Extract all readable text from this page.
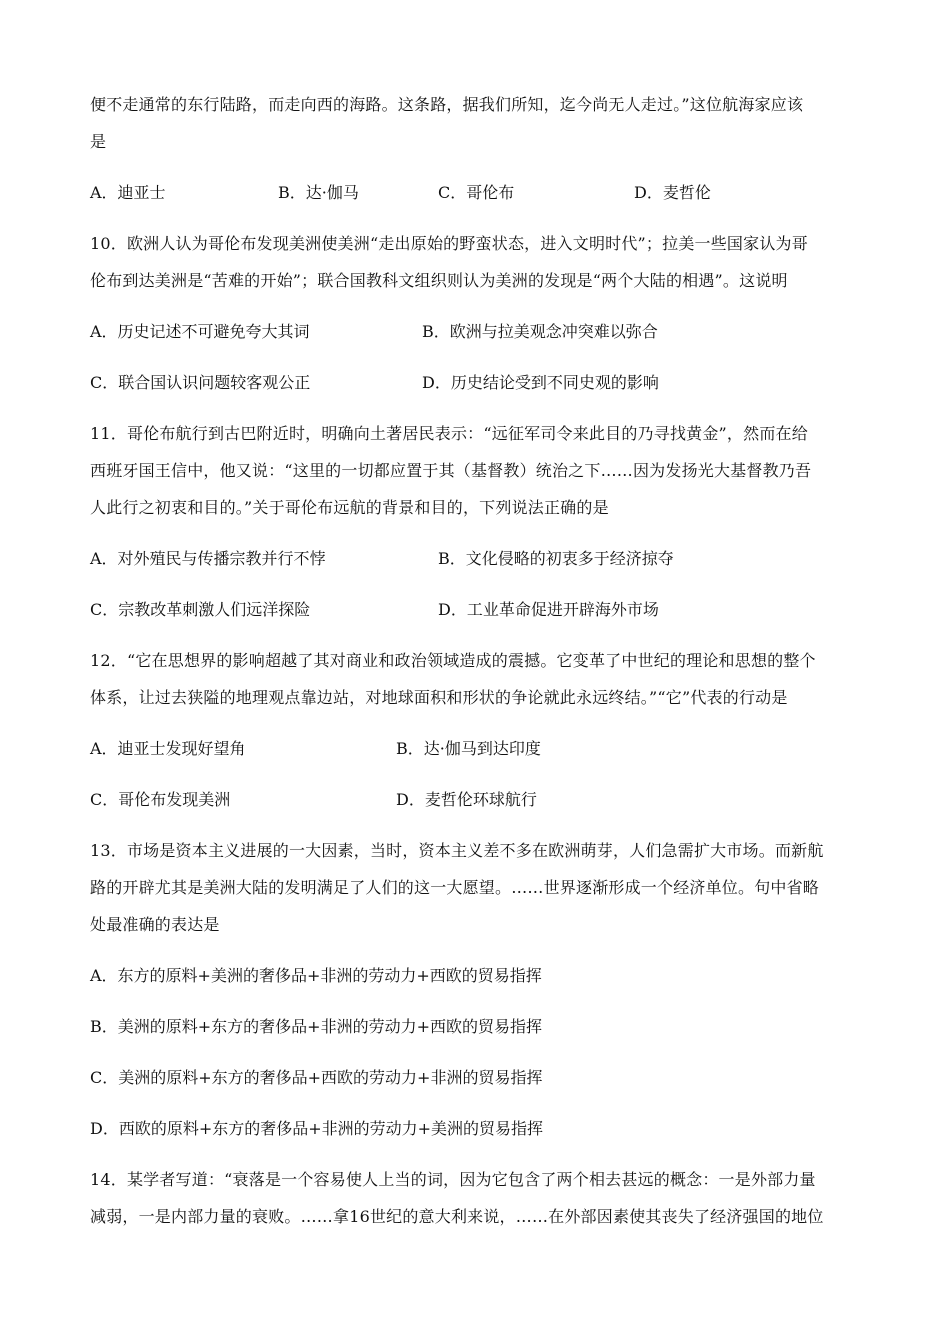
便不走通常的东行陆路，而走向西的海路。这条路，据我们所知，迄今尚无人走过。”这位航海家应该
是
A．迪亚士	B．达·伽马	C．哥伦布	D．麦哲伦
10．欧洲人认为哥伦布发现美洲使美洲“走出原始的野蛮状态，进入文明时代”；拉美一些国家认为哥
伦布到达美洲是“苦难的开始”；联合国教科文组织则认为美洲的发现是“两个大陆的相遇”。这说明
A．历史记述不可避免夸大其词	B．欧洲与拉美观念冲突难以弥合
C．联合国认识问题较客观公正	D．历史结论受到不同史观的影响
11．哥伦布航行到古巴附近时，明确向土著居民表示：“远征军司令来此目的乃寻找黄金”，然而在给
西班牙国王信中，他又说：“这里的一切都应置于其（基督教）统治之下……因为发扬光大基督教乃吾
人此行之初衷和目的。”关于哥伦布远航的背景和目的，下列说法正确的是
A．对外殖民与传播宗教并行不悖	B．文化侵略的初衷多于经济掠夺
C．宗教改革刺激人们远洋探险	D．工业革命促进开辟海外市场
12．“它在思想界的影响超越了其对商业和政治领域造成的震撼。它变革了中世纪的理论和思想的整个
体系，让过去狭隘的地理观点靠边站，对地球面积和形状的争论就此永远终结。”“它”代表的行动是
A．迪亚士发现好望角	B．达·伽马到达印度
C．哥伦布发现美洲	D．麦哲伦环球航行
13．市场是资本主义进展的一大因素，当时，资本主义差不多在欧洲萌芽，人们急需扩大市场。而新航
路的开辟尤其是美洲大陆的发明满足了人们的这一大愿望。……世界逐渐形成一个经济单位。句中省略
处最准确的表达是
A．东方的原料+美洲的奢侈品+非洲的劳动力+西欧的贸易指挥
B．美洲的原料+东方的奢侈品+非洲的劳动力+西欧的贸易指挥
C．美洲的原料+东方的奢侈品+西欧的劳动力+非洲的贸易指挥
D．西欧的原料+东方的奢侈品+非洲的劳动力+美洲的贸易指挥
14．某学者写道：“衰落是一个容易使人上当的词，因为它包含了两个相去甚远的概念：一是外部力量
减弱，一是内部力量的衰败。……拿16世纪的意大利来说，……在外部因素使其丧失了经济强国的地位
